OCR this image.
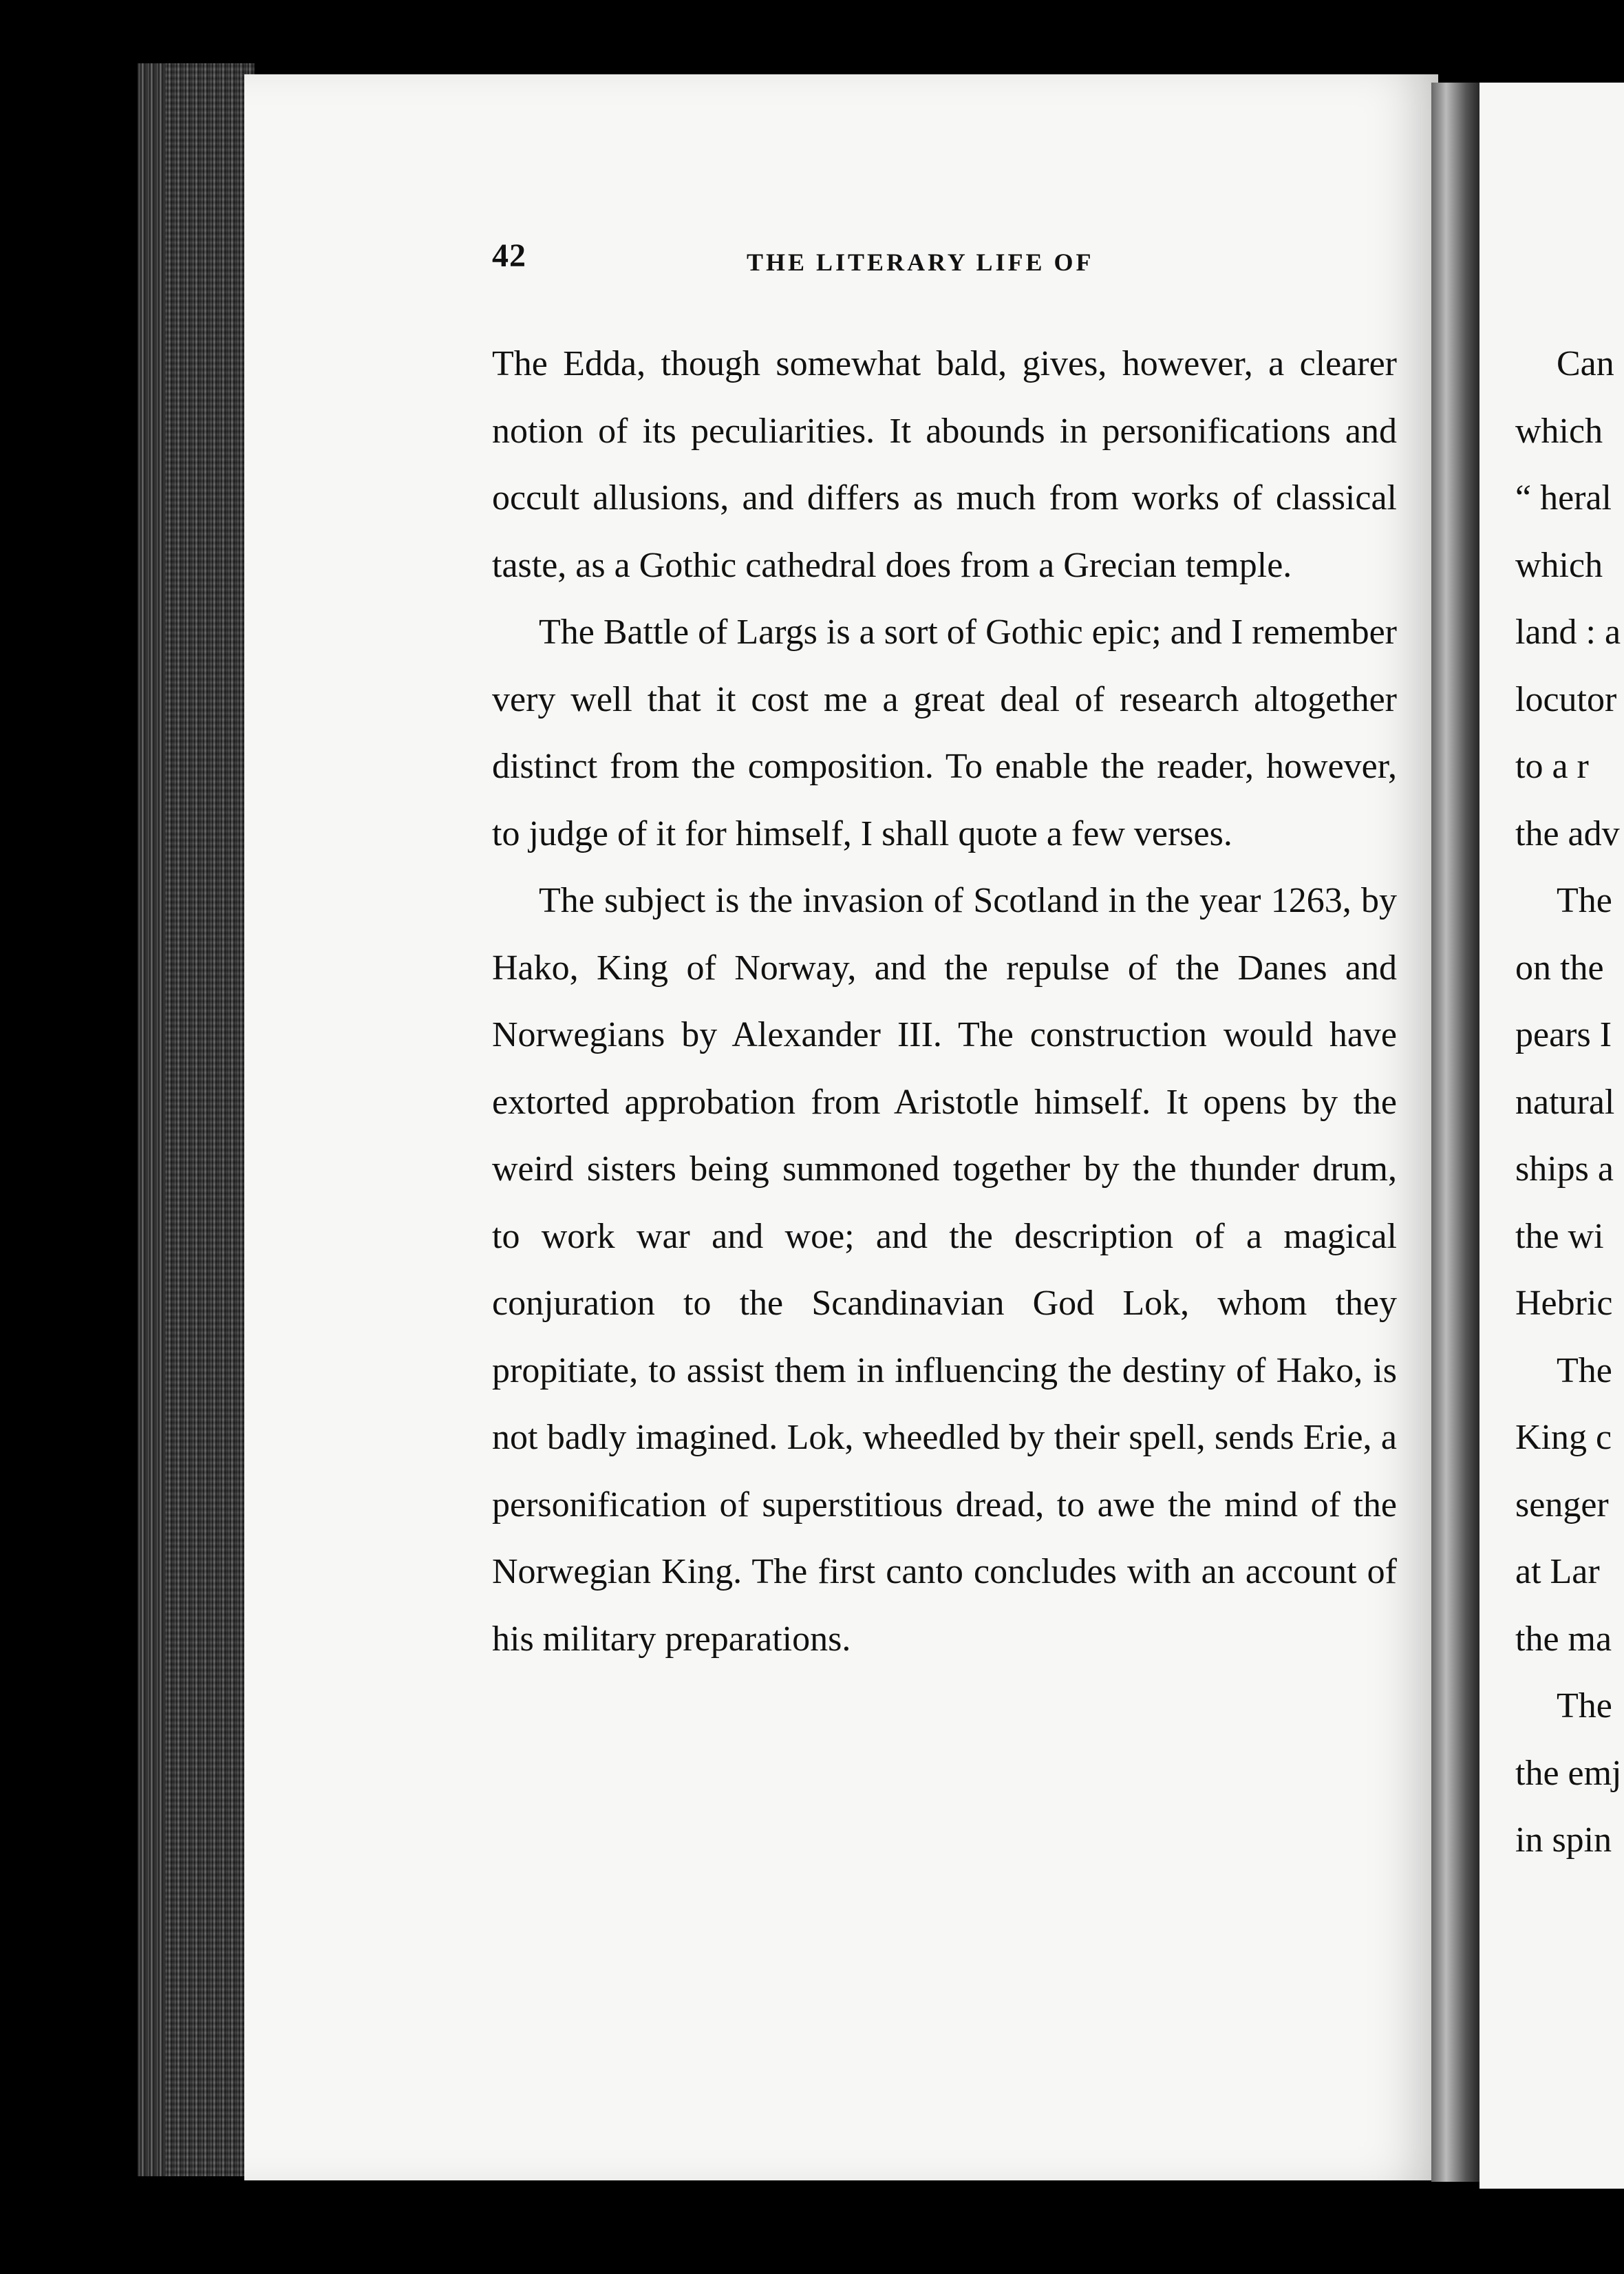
42	THE LITERARY LIFE OF

The Edda, though somewhat bald, gives, however, a clearer notion of its peculiarities. It abounds in personifications and occult allusions, and differs as much from works of classical taste, as a Gothic cathedral does from a Grecian temple.

The Battle of Largs is a sort of Gothic epic; and I remember very well that it cost me a great deal of research altogether distinct from the composition. To enable the reader, however, to judge of it for himself, I shall quote a few verses.

The subject is the invasion of Scotland in the year 1263, by Hako, King of Norway, and the repulse of the Danes and Norwegians by Alexander III. The construction would have extorted approbation from Aristotle himself. It opens by the weird sisters being summoned together by the thunder drum, to work war and woe; and the description of a magical conjuration to the Scandinavian God Lok, whom they propitiate, to assist them in influencing the destiny of Hako, is not badly imagined. Lok, wheedled by their spell, sends Erie, a personification of superstitious dread, to awe the mind of the Norwegian King. The first canto concludes with an account of his military preparations.

Can
which
“ heral
which
land : a
locutor
to a r
the adv
The
on the
pears I
natural
ships a
the wi
Hebric
The
King c
senger
at Lar
the ma
The
the emj
in spin
